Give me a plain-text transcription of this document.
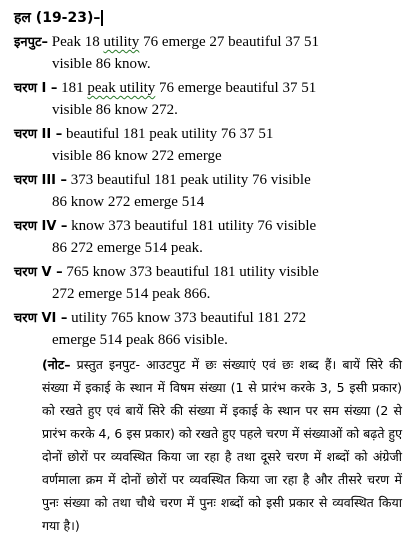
हल (19-23)–
इनपुट– Peak 18 utility 76 emerge 27 beautiful 37 51
visible 86 know.
चरण I – 181 peak utility 76 emerge beautiful 37 51
visible 86 know 272.
चरण II – beautiful 181 peak utility 76 37 51
visible 86 know 272 emerge
चरण III – 373 beautiful 181 peak utility 76 visible
86 know 272 emerge 514
चरण IV – know 373 beautiful 181 utility 76 visible
86 272 emerge 514 peak.
चरण V – 765 know 373 beautiful 181 utility visible
272 emerge 514 peak 866.
चरण VI – utility 765 know 373 beautiful 181 272
emerge 514 peak 866 visible.
(नोट– प्रस्तुत इनपुट- आउटपुट में छः संख्याएं एवं छः शब्द हैं। बायें सिरे की संख्या में इकाई के स्थान में विषम संख्या (1 से प्रारंभ करके 3, 5 इसी प्रकार) को रखते हुए एवं बायें सिरे की संख्या में इकाई के स्थान पर सम संख्या (2 से प्रारंभ करके 4, 6 इस प्रकार) को रखते हुए पहले चरण में संख्याओं को बढ़ते हुए दोनों छोरों पर व्यवस्थित किया जा रहा है तथा दूसरे चरण में शब्दों को अंग्रेजी वर्णमाला क्रम में दोनों छोरों पर व्यवस्थित किया जा रहा है और तीसरे चरण में पुनः संख्या को तथा चौथे चरण में पुनः शब्दों को इसी प्रकार से व्यवस्थित किया गया है।)
